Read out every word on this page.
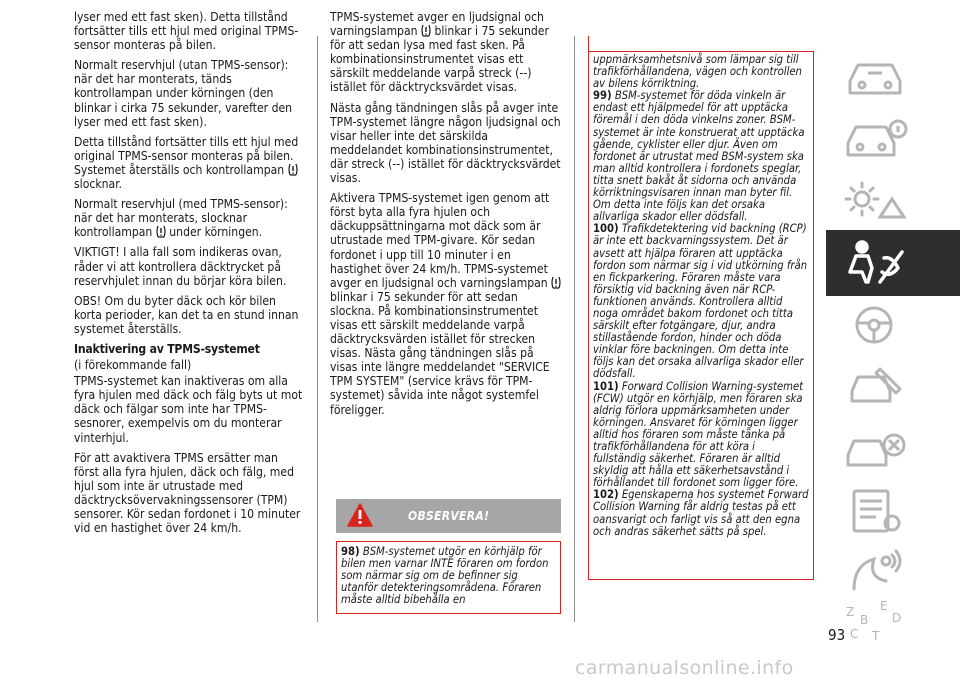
lyser med ett fast sken). Detta tillstånd fortsätter tills ett hjul med original TPMS-sensor monteras på bilen.

Normalt reservhjul (utan TPMS-sensor): när det har monterats, tänds kontrollampan under körningen (den blinkar i cirka 75 sekunder, varefter den lyser med ett fast sken).

Detta tillstånd fortsätter tills ett hjul med original TPMS-sensor monteras på bilen. Systemet återställs och kontrollampan  slocknar.

Normalt reservhjul (med TPMS-sensor): när det har monterats, slocknar kontrollampan under körningen.

VIKTIGT! I alla fall som indikeras ovan, råder vi att kontrollera däcktrycket på reservhjulet innan du börjar köra bilen.

OBS! Om du byter däck och kör bilen korta perioder, kan det ta en stund innan systemet återställs.

Inaktivering av TPMS-systemet

(i förekommande fall)

TPMS-systemet kan inaktiveras om alla fyra hjulen med däck och fälg byts ut mot däck och fälgar som inte har TPMS-sesnorer, exempelvis om du monterar vinterhjul.

För att avaktivera TPMS ersätter man först alla fyra hjulen, däck och fälg, med hjul som inte är utrustade med däcktrycksövervakningssensorer (TPM) sensorer. Kör sedan fordonet i 10 minuter vid en hastighet över 24 km/h.

TPMS-systemet avger en ljudsignal och varningslampan blinkar i 75 sekunder för att sedan lysa med fast sken. På kombinationsinstrumentet visas ett särskilt meddelande varpå streck (--) istället för däcktrycksvärdet visas.

Nästa gång tändningen slås på avger inte TPM-systemet längre någon ljudsignal och visar heller inte det särskilda meddelandet kombinationsinstrumentet, där streck (--) istället för däcktrycksvärdet visas.

Aktivera TPMS-systemet igen genom att först byta alla fyra hjulen och däckuppsättningarna mot däck som är utrustade med TPM-givare. Kör sedan fordonet i upp till 10 minuter i en hastighet över 24 km/h. TPMS-systemet avger en ljudsignal och varningslampan  blinkar i 75 sekunder för att sedan slockna. På kombinationsinstrumentet visas ett särskilt meddelande varpå däcktrycksvärden istället för strecken visas. Nästa gång tändningen slås på visas inte längre meddelandet "SERVICE TPM SYSTEM" (service krävs för TPM-systemet) såvida inte något systemfel föreligger.

OBSERVERA!

98) BSM-systemet utgör en körhjälp för bilen men varnar INTE föraren om fordon som närmar sig om de befinner sig utanför detekteringsområdena. Föraren måste alltid bibehålla en

uppmärksamhetsnivå som lämpar sig till trafikförhållandena, vägen och kontrollen av bilens körriktning.

99) BSM-systemet för döda vinkeln är endast ett hjälpmedel för att upptäcka föremål i den döda vinkelns zoner. BSM-systemet är inte konstruerat att upptäcka gående, cyklister eller djur. Även om fordonet är utrustat med BSM-system ska man alltid kontrollera i fordonets speglar, titta snett bakåt åt sidorna och använda körriktningsvisaren innan man byter fil. Om detta inte följs kan det orsaka allvarliga skador eller dödsfall.

100) Trafikdetektering vid backning (RCP) är inte ett backvarningssystem. Det är avsett att hjälpa föraren att upptäcka fordon som närmar sig i vid utkörning från en fickparkering. Föraren måste vara försiktig vid backning även när RCP-funktionen används. Kontrollera alltid noga området bakom fordonet och titta särskilt efter fotgängare, djur, andra stillastående fordon, hinder och döda vinklar före backningen. Om detta inte följs kan det orsaka allvarliga skador eller dödsfall.

101) Forward Collision Warning-systemet (FCW) utgör en körhjälp, men föraren ska aldrig förlora uppmärksamheten under körningen. Ansvaret för körningen ligger alltid hos föraren som måste tänka på trafikförhållandena för att köra i fullständig säkerhet. Föraren är alltid skyldig att hålla ett säkerhetsavstånd i förhållandet till fordonet som ligger före.

102) Egenskaperna hos systemet Forward Collision Warning får aldrig testas på ett oansvarigt och farligt vis så att den egna och andras säkerhet sätts på spel.

Z E
B D
C T
93
carmanualsonline.info
